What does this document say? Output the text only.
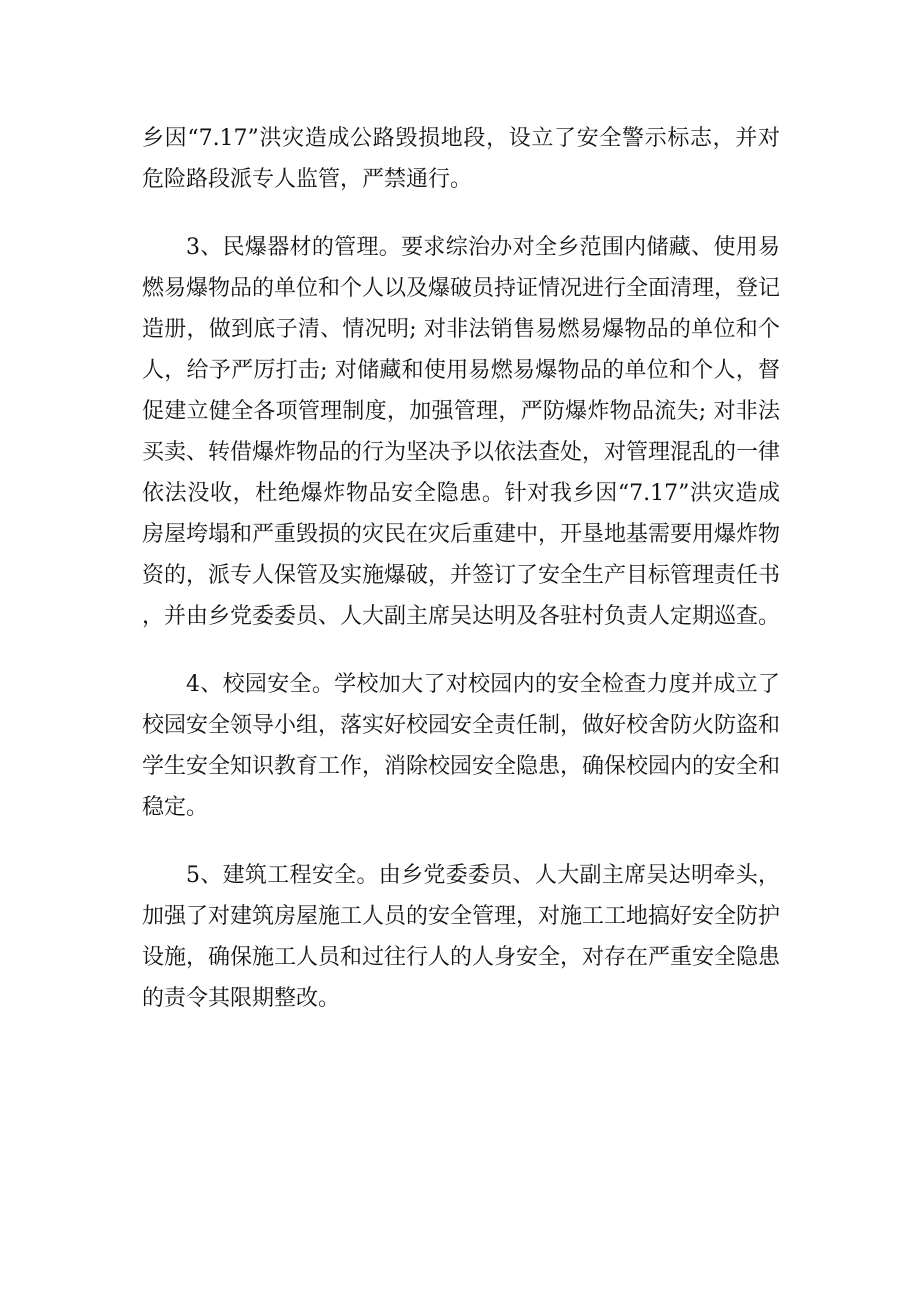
乡因“7.17”洪灾造成公路毁损地段，设立了安全警示标志，并对危险路段派专人监管，严禁通行。

3、民爆器材的管理。要求综治办对全乡范围内储藏、使用易燃易爆物品的单位和个人以及爆破员持证情况进行全面清理，登记造册，做到底子清、情况明; 对非法销售易燃易爆物品的单位和个人，给予严厉打击; 对储藏和使用易燃易爆物品的单位和个人，督促建立健全各项管理制度，加强管理，严防爆炸物品流失; 对非法买卖、转借爆炸物品的行为坚决予以依法查处，对管理混乱的一律依法没收，杜绝爆炸物品安全隐患。针对我乡因“7.17”洪灾造成房屋垮塌和严重毁损的灾民在灾后重建中，开垦地基需要用爆炸物资的，派专人保管及实施爆破，并签订了安全生产目标管理责任书，并由乡党委委员、人大副主席吴达明及各驻村负责人定期巡查。

4、校园安全。学校加大了对校园内的安全检查力度并成立了校园安全领导小组，落实好校园安全责任制，做好校舍防火防盗和学生安全知识教育工作，消除校园安全隐患，确保校园内的安全和稳定。

5、建筑工程安全。由乡党委委员、人大副主席吴达明牵头，加强了对建筑房屋施工人员的安全管理，对施工工地搞好安全防护设施，确保施工人员和过往行人的人身安全，对存在严重安全隐患的责令其限期整改。
